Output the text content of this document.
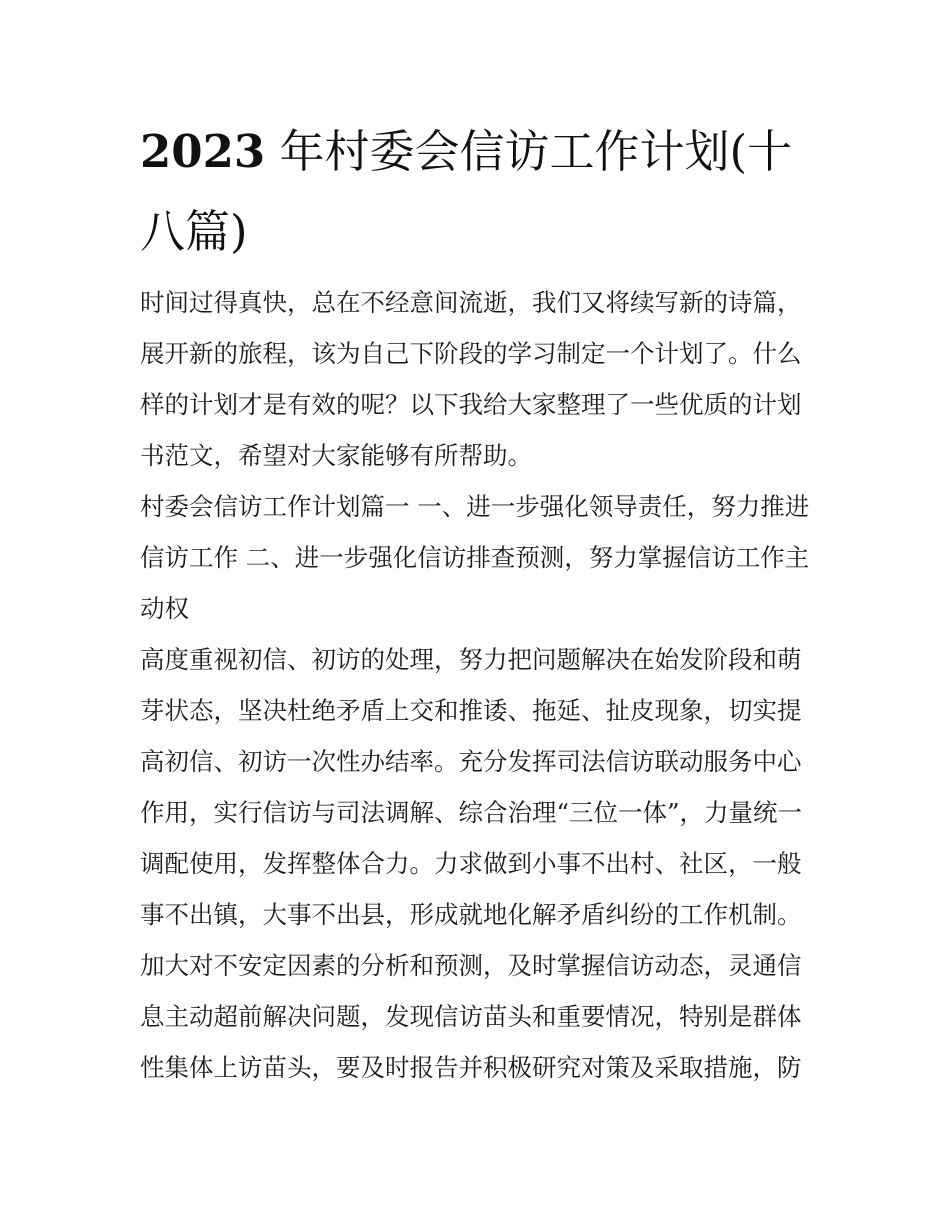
2023 年村委会信访工作计划(十八篇)

时间过得真快，总在不经意间流逝，我们又将续写新的诗篇，展开新的旅程，该为自己下阶段的学习制定一个计划了。什么样的计划才是有效的呢？以下我给大家整理了一些优质的计划书范文，希望对大家能够有所帮助。

村委会信访工作计划篇一 一、进一步强化领导责任，努力推进信访工作 二、进一步强化信访排查预测，努力掌握信访工作主动权

高度重视初信、初访的处理，努力把问题解决在始发阶段和萌芽状态，坚决杜绝矛盾上交和推诿、拖延、扯皮现象，切实提高初信、初访一次性办结率。充分发挥司法信访联动服务中心作用，实行信访与司法调解、综合治理“三位一体”，力量统一调配使用，发挥整体合力。力求做到小事不出村、社区，一般事不出镇，大事不出县，形成就地化解矛盾纠纷的工作机制。加大对不安定因素的分析和预测，及时掌握信访动态，灵通信息主动超前解决问题，发现信访苗头和重要情况，特别是群体性集体上访苗头，要及时报告并积极研究对策及采取措施，防
